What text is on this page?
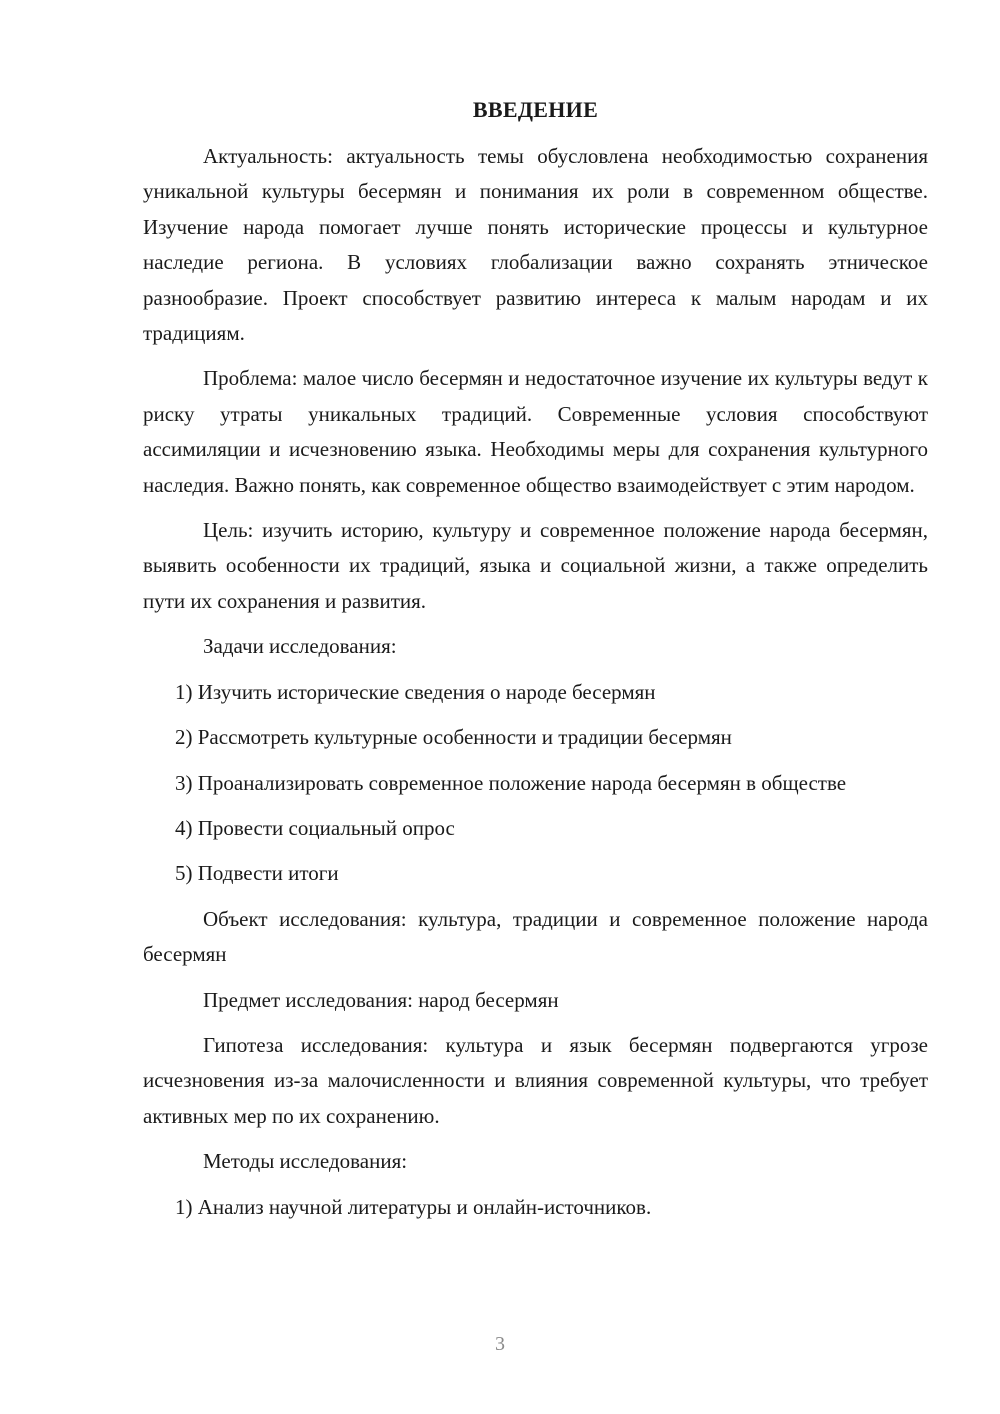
ВВЕДЕНИЕ

Актуальность: актуальность темы обусловлена необходимостью сохранения уникальной культуры бесермян и понимания их роли в современном обществе. Изучение народа помогает лучше понять исторические процессы и культурное наследие региона. В условиях глобализации важно сохранять этническое разнообразие. Проект способствует развитию интереса к малым народам и их традициям.

Проблема: малое число бесермян и недостаточное изучение их культуры ведут к риску утраты уникальных традиций. Современные условия способствуют ассимиляции и исчезновению языка. Необходимы меры для сохранения культурного наследия. Важно понять, как современное общество взаимодействует с этим народом.

Цель: изучить историю, культуру и современное положение народа бесермян, выявить особенности их традиций, языка и социальной жизни, а также определить пути их сохранения и развития.

Задачи исследования:

1) Изучить исторические сведения о народе бесермян

2) Рассмотреть культурные особенности и традиции бесермян

3) Проанализировать современное положение народа бесермян в обществе

4) Провести социальный опрос

5) Подвести итоги

Объект исследования: культура, традиции и современное положение народа бесермян

Предмет исследования: народ бесермян

Гипотеза исследования: культура и язык бесермян подвергаются угрозе исчезновения из-за малочисленности и влияния современной культуры, что требует активных мер по их сохранению.

Методы исследования:

1) Анализ научной литературы и онлайн-источников.

3
